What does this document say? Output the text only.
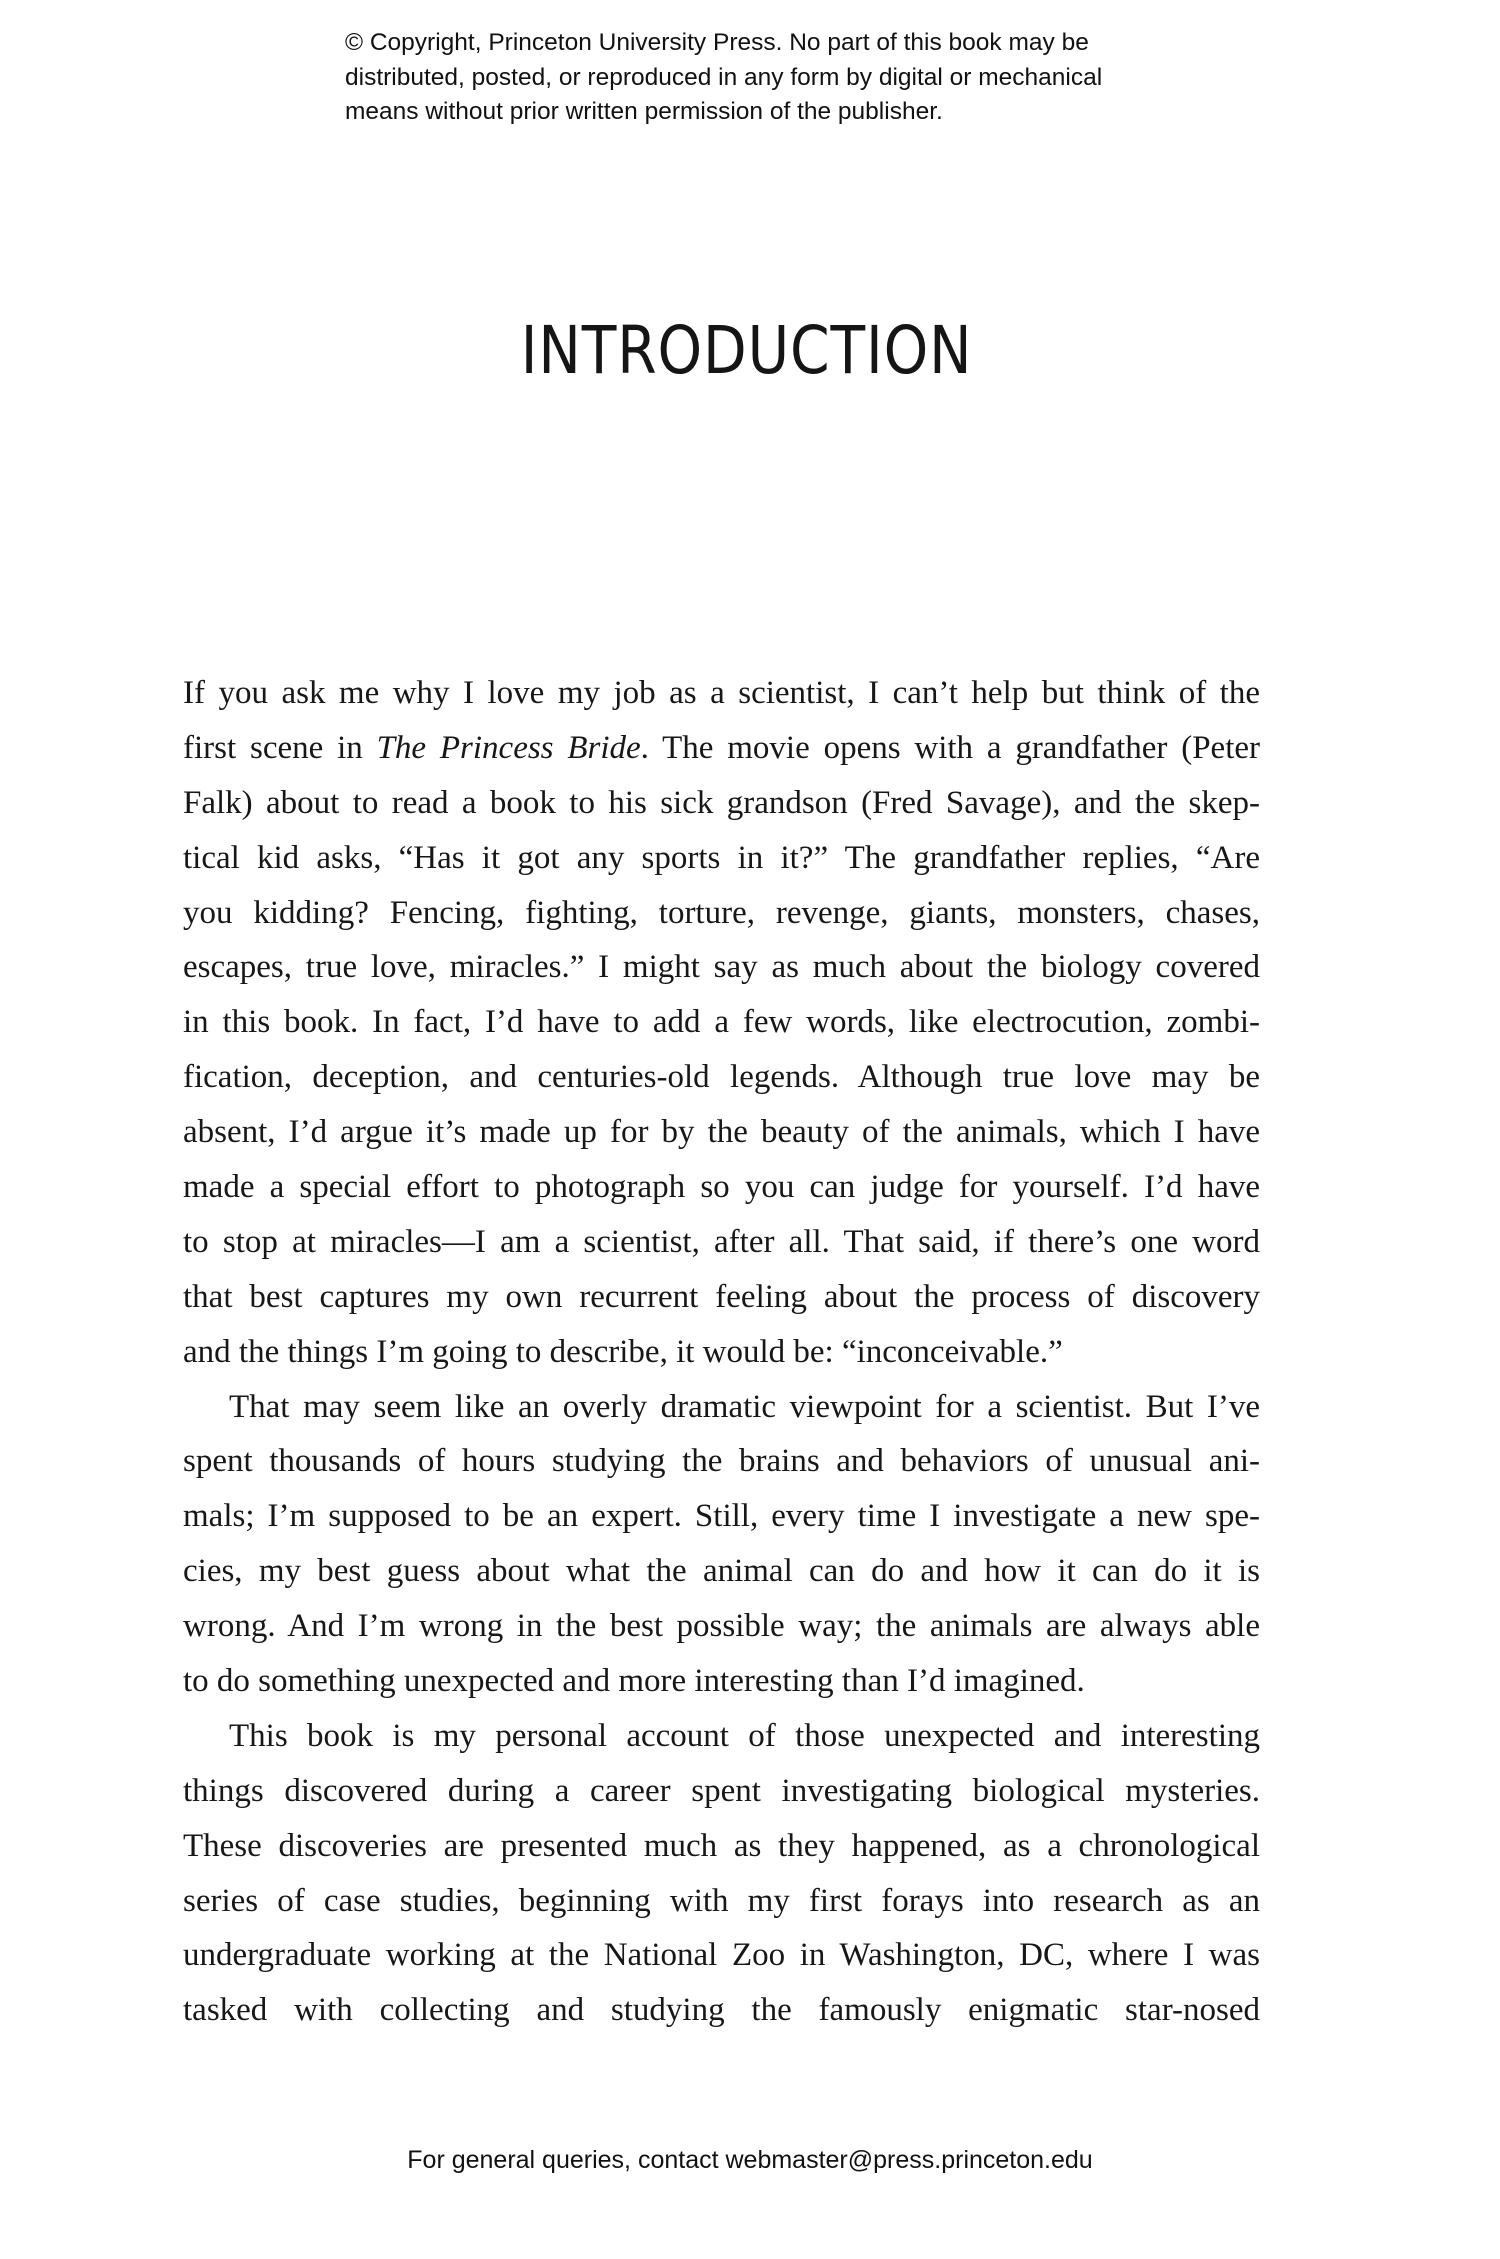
© Copyright, Princeton University Press. No part of this book may be
distributed, posted, or reproduced in any form by digital or mechanical
means without prior written permission of the publisher.
INTRODUCTION
If you ask me why I love my job as a scientist, I can’t help but think of the
first scene in The Princess Bride. The movie opens with a grandfather (Peter
Falk) about to read a book to his sick grandson (Fred Savage), and the skep-
tical kid asks, “Has it got any sports in it?” The grandfather replies, “Are
you kidding? Fencing, fighting, torture, revenge, giants, monsters, chases,
escapes, true love, miracles.” I might say as much about the biology covered
in this book. In fact, I’d have to add a few words, like electrocution, zombi-
fication, deception, and centuries-old legends. Although true love may be
absent, I’d argue it’s made up for by the beauty of the animals, which I have
made a special effort to photograph so you can judge for yourself. I’d have
to stop at miracles—I am a scientist, after all. That said, if there’s one word
that best captures my own recurrent feeling about the process of discovery
and the things I’m going to describe, it would be: “inconceivable.”
That may seem like an overly dramatic viewpoint for a scientist. But I’ve
spent thousands of hours studying the brains and behaviors of unusual ani-
mals; I’m supposed to be an expert. Still, every time I investigate a new spe-
cies, my best guess about what the animal can do and how it can do it is
wrong. And I’m wrong in the best possible way; the animals are always able
to do something unexpected and more interesting than I’d imagined.
This book is my personal account of those unexpected and interesting
things discovered during a career spent investigating biological mysteries.
These discoveries are presented much as they happened, as a chronological
series of case studies, beginning with my first forays into research as an
undergraduate working at the National Zoo in Washington, DC, where I was
tasked with collecting and studying the famously enigmatic star-nosed
For general queries, contact webmaster@press.princeton.edu
